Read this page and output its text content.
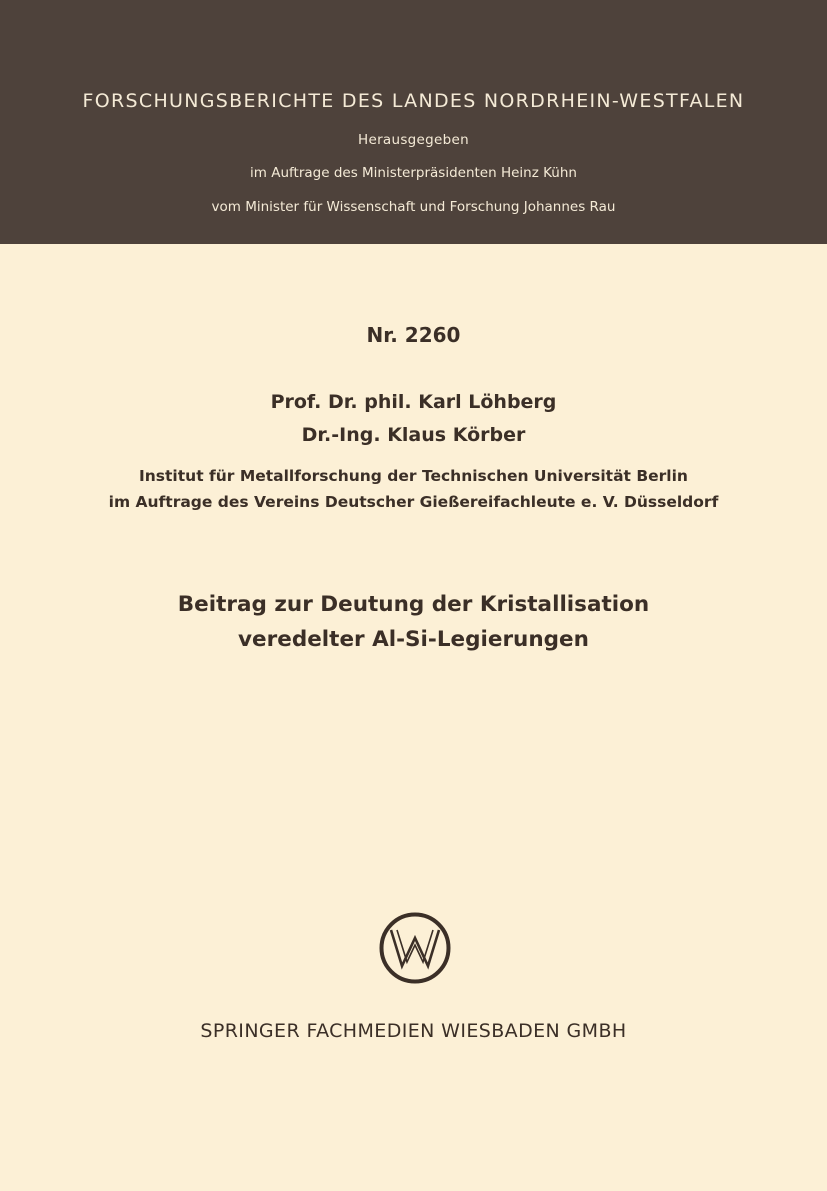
FORSCHUNGSBERICHTE DES LANDES NORDRHEIN-WESTFALEN
Herausgegeben
im Auftrage des Ministerpräsidenten Heinz Kühn
vom Minister für Wissenschaft und Forschung Johannes Rau
Nr. 2260
Prof. Dr. phil. Karl Löhberg
Dr.-Ing. Klaus Körber
Institut für Metallforschung der Technischen Universität Berlin
im Auftrage des Vereins Deutscher Gießereifachleute e. V. Düsseldorf
Beitrag zur Deutung der Kristallisation
veredelter Al-Si-Legierungen
SPRINGER FACHMEDIEN WIESBADEN GMBH
